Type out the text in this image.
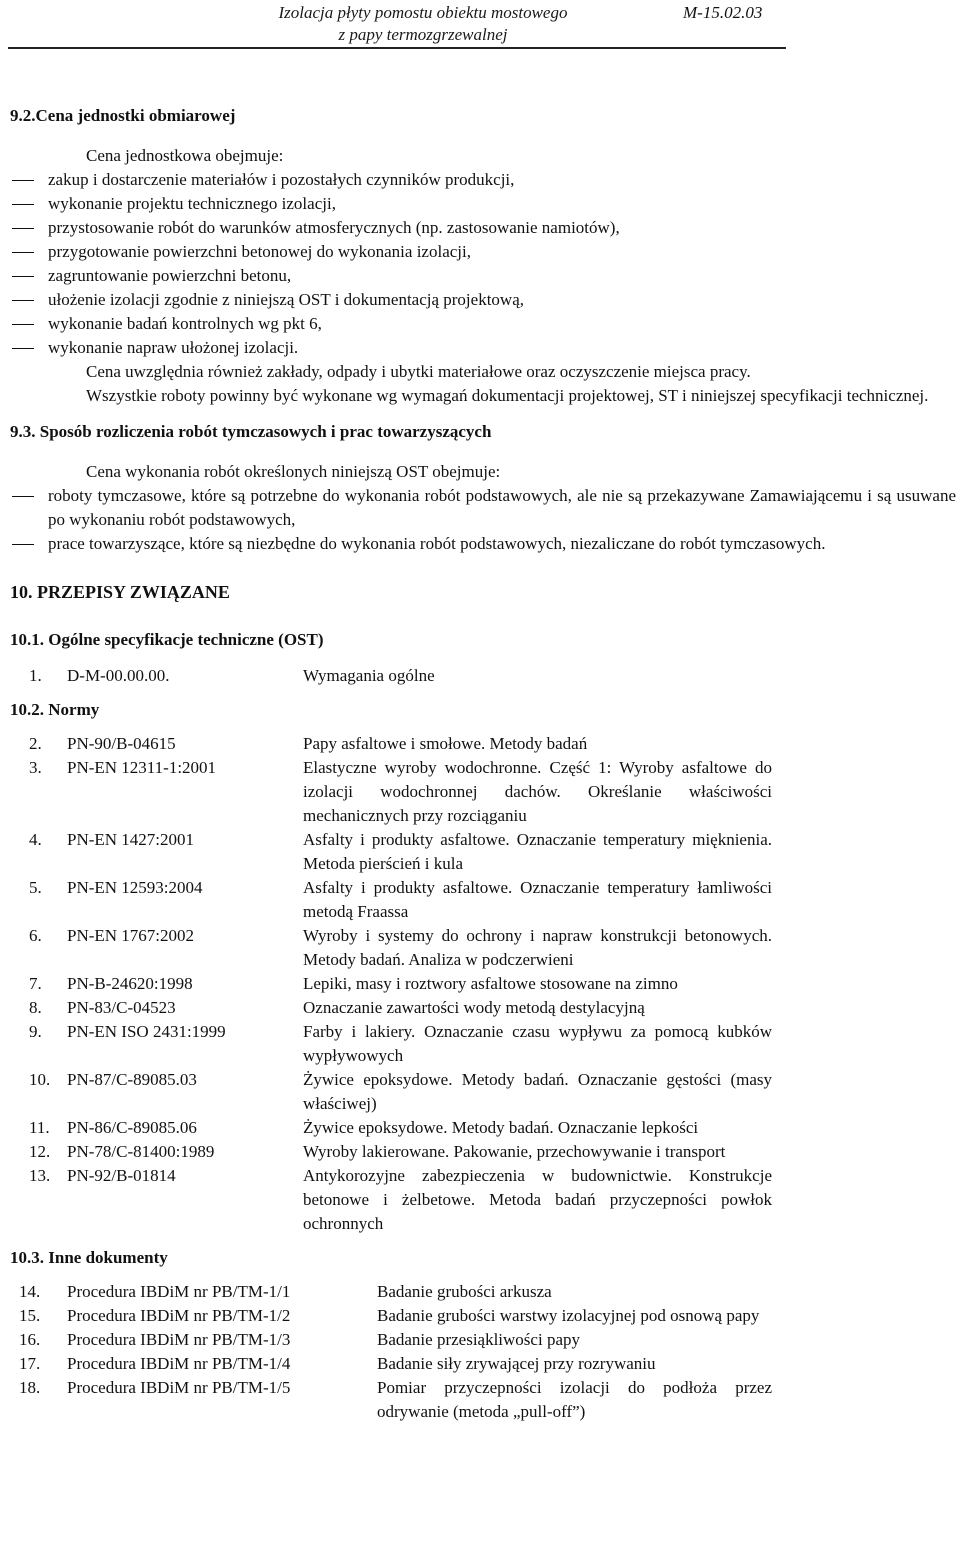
Izolacja płyty pomostu obiektu mostowego
z papy termozgrzewalnej
M-15.02.03
9.2.Cena jednostki obmiarowej
Cena jednostkowa obejmuje:
zakup i dostarczenie materiałów i pozostałych czynników produkcji,
wykonanie projektu technicznego izolacji,
przystosowanie robót do warunków atmosferycznych (np. zastosowanie namiotów),
przygotowanie powierzchni betonowej do wykonania izolacji,
zagruntowanie powierzchni betonu,
ułożenie izolacji zgodnie z niniejszą OST i dokumentacją projektową,
wykonanie badań kontrolnych wg pkt 6,
wykonanie napraw ułożonej izolacji.
Cena uwzględnia również zakłady, odpady i ubytki materiałowe oraz oczyszczenie miejsca pracy.
Wszystkie roboty powinny być wykonane wg wymagań dokumentacji projektowej, ST i niniejszej specyfikacji technicznej.
9.3. Sposób rozliczenia robót tymczasowych i prac towarzyszących
Cena wykonania robót określonych niniejszą OST obejmuje:
roboty tymczasowe, które są potrzebne do wykonania robót podstawowych, ale nie są przekazywane Zamawiającemu i są usuwane po wykonaniu robót podstawowych,
prace towarzyszące, które są niezbędne do wykonania robót podstawowych, niezaliczane do robót tymczasowych.
10. PRZEPISY ZWIĄZANE
10.1. Ogólne specyfikacje techniczne (OST)
1.	D-M-00.00.00.	Wymagania ogólne
10.2. Normy
2.	PN-90/B-04615	Papy asfaltowe i smołowe. Metody badań
3.	PN-EN 12311-1:2001	Elastyczne wyroby wodochronne. Część 1: Wyroby asfaltowe do izolacji wodochronnej dachów. Określanie właściwości mechanicznych przy rozciąganiu
4.	PN-EN 1427:2001	Asfalty i produkty asfaltowe. Oznaczanie temperatury mięknienia. Metoda pierścień i kula
5.	PN-EN 12593:2004	Asfalty i produkty asfaltowe. Oznaczanie temperatury łamliwości metodą Fraassa
6.	PN-EN 1767:2002	Wyroby i systemy do ochrony i napraw konstrukcji betonowych. Metody badań. Analiza w podczerwieni
7.	PN-B-24620:1998	Lepiki, masy i roztwory asfaltowe stosowane na zimno
8.	PN-83/C-04523	Oznaczanie zawartości wody metodą destylacyjną
9.	PN-EN ISO 2431:1999	Farby i lakiery. Oznaczanie czasu wypływu za pomocą kubków wypływowych
10. PN-87/C-89085.03	Żywice epoksydowe. Metody badań. Oznaczanie gęstości (masy właściwej)
11.	PN-86/C-89085.06	Żywice epoksydowe. Metody badań. Oznaczanie lepkości
12. PN-78/C-81400:1989	Wyroby lakierowane. Pakowanie, przechowywanie i transport
13. PN-92/B-01814	Antykorozyjne zabezpieczenia w budownictwie. Konstrukcje betonowe i żelbetowe. Metoda badań przyczepności powłok ochronnych
10.3. Inne dokumenty
14.	Procedura IBDiM nr PB/TM-1/1	Badanie grubości arkusza
15.	Procedura IBDiM nr PB/TM-1/2	Badanie grubości warstwy izolacyjnej pod osnową papy
16.	Procedura IBDiM nr PB/TM-1/3	Badanie przesiąkliwości papy
17.	Procedura IBDiM nr PB/TM-1/4	Badanie siły zrywającej przy rozrywaniu
18.	Procedura IBDiM nr PB/TM-1/5	Pomiar przyczepności izolacji do podłoża przez odrywanie (metoda „pull-off”)
